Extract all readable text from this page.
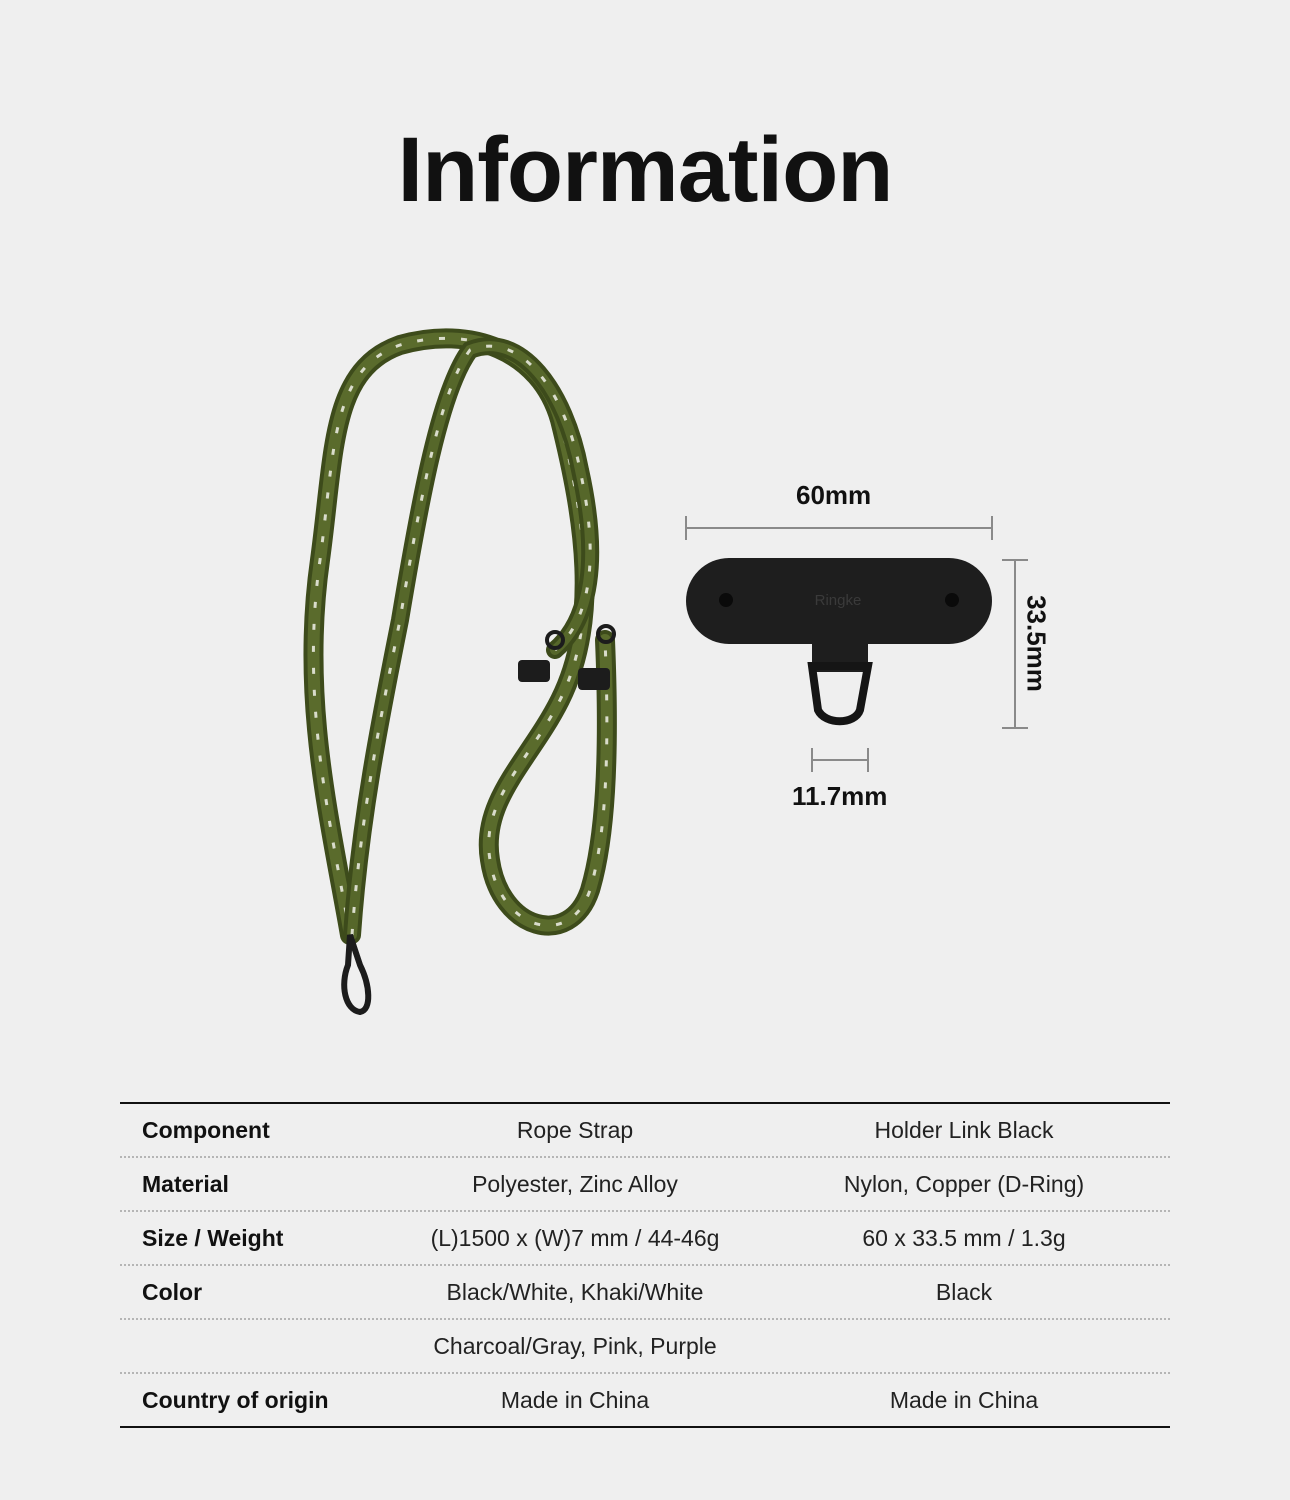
Information
Ringke
60mm
11.7mm
33.5mm
Component	Rope Strap	Holder Link Black
Material	Polyester, Zinc Alloy	Nylon, Copper (D-Ring)
Size / Weight	(L)1500 x (W)7 mm / 44-46g	60 x 33.5 mm / 1.3g
Color	Black/White, Khaki/White	Black
Charcoal/Gray, Pink, Purple
Country of origin	Made in China	Made in China
